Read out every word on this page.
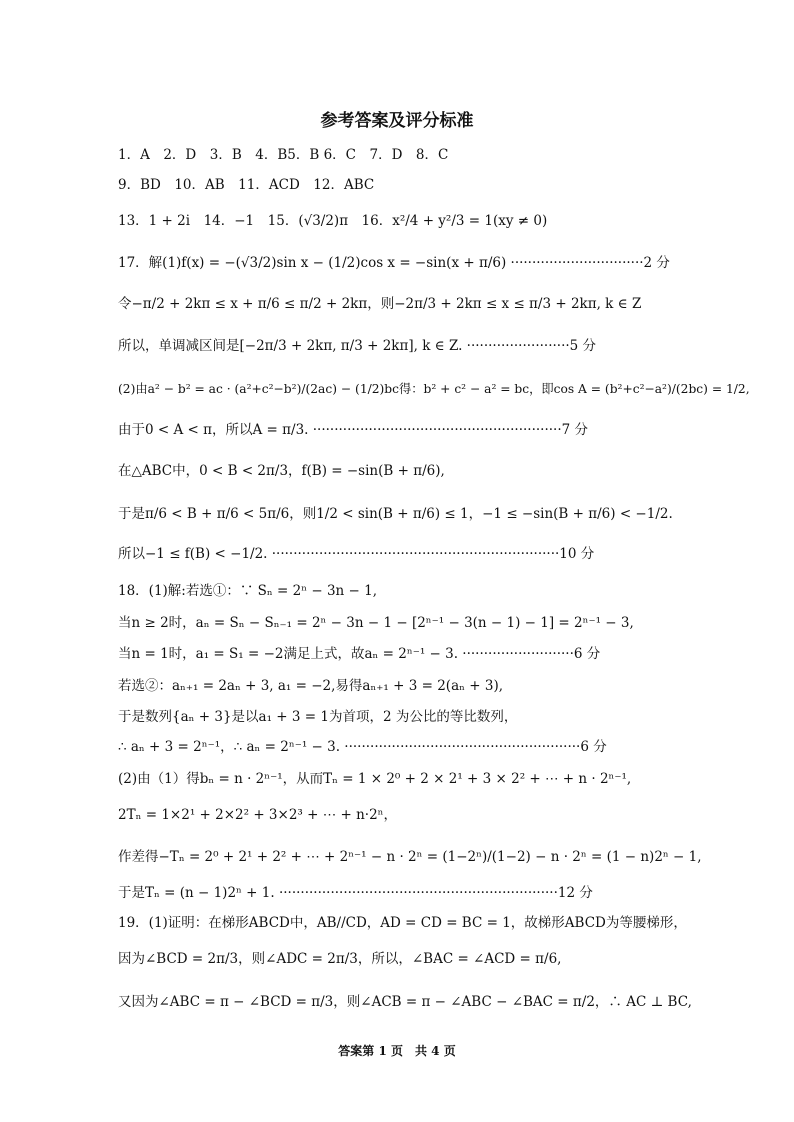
参考答案及评分标准
1．A　2．D　3．B　4．B5．B 6．C　7．D　8．C
9．BD　10．AB　11．ACD　12．ABC
13．1 + 2i　14．−1　15．(√3/2)π　16．x²/4 + y²/3 = 1(xy ≠ 0)
17．解(1)f(x) = −(√3/2)sin x − (1/2)cos x = −sin(x + π/6) ·······························2 分
令−π/2 + 2kπ ≤ x + π/6 ≤ π/2 + 2kπ，则−2π/3 + 2kπ ≤ x ≤ π/3 + 2kπ, k ∈ Z
所以，单调减区间是[−2π/3 + 2kπ, π/3 + 2kπ], k ∈ Z. ························5 分
(2)由a² − b² = ac · (a²+c²−b²)/(2ac) − (1/2)bc得：b² + c² − a² = bc，即cos A = (b²+c²−a²)/(2bc) = 1/2,
由于0 < A < π，所以A = π/3. ··························································7 分
在△ABC中，0 < B < 2π/3，f(B) = −sin(B + π/6),
于是π/6 < B + π/6 < 5π/6，则1/2 < sin(B + π/6) ≤ 1，−1 ≤ −sin(B + π/6) < −1/2.
所以−1 ≤ f(B) < −1/2. ···································································10 分
18．(1)解:若选①：∵ Sₙ = 2ⁿ − 3n − 1,
当n ≥ 2时，aₙ = Sₙ − Sₙ₋₁ = 2ⁿ − 3n − 1 − [2ⁿ⁻¹ − 3(n − 1) − 1] = 2ⁿ⁻¹ − 3,
当n = 1时，a₁ = S₁ = −2满足上式，故aₙ = 2ⁿ⁻¹ − 3. ··························6 分
若选②：aₙ₊₁ = 2aₙ + 3, a₁ = −2,易得aₙ₊₁ + 3 = 2(aₙ + 3),
于是数列{aₙ + 3}是以a₁ + 3 = 1为首项，2 为公比的等比数列，
∴ aₙ + 3 = 2ⁿ⁻¹，∴ aₙ = 2ⁿ⁻¹ − 3. ·······················································6 分
(2)由（1）得bₙ = n · 2ⁿ⁻¹，从而Tₙ = 1 × 2⁰ + 2 × 2¹ + 3 × 2² + ⋯ + n · 2ⁿ⁻¹,
2Tₙ = 1×2¹ + 2×2² + 3×2³ + ⋯ + n·2ⁿ，
作差得−Tₙ = 2⁰ + 2¹ + 2² + ⋯ + 2ⁿ⁻¹ − n · 2ⁿ = (1−2ⁿ)/(1−2) − n · 2ⁿ = (1 − n)2ⁿ − 1,
于是Tₙ = (n − 1)2ⁿ + 1. ·································································12 分
19．(1)证明：在梯形ABCD中，AB//CD，AD = CD = BC = 1，故梯形ABCD为等腰梯形，
因为∠BCD = 2π/3，则∠ADC = 2π/3，所以，∠BAC = ∠ACD = π/6,
又因为∠ABC = π − ∠BCD = π/3，则∠ACB = π − ∠ABC − ∠BAC = π/2，∴ AC ⊥ BC,
答案第 1 页　共 4 页
